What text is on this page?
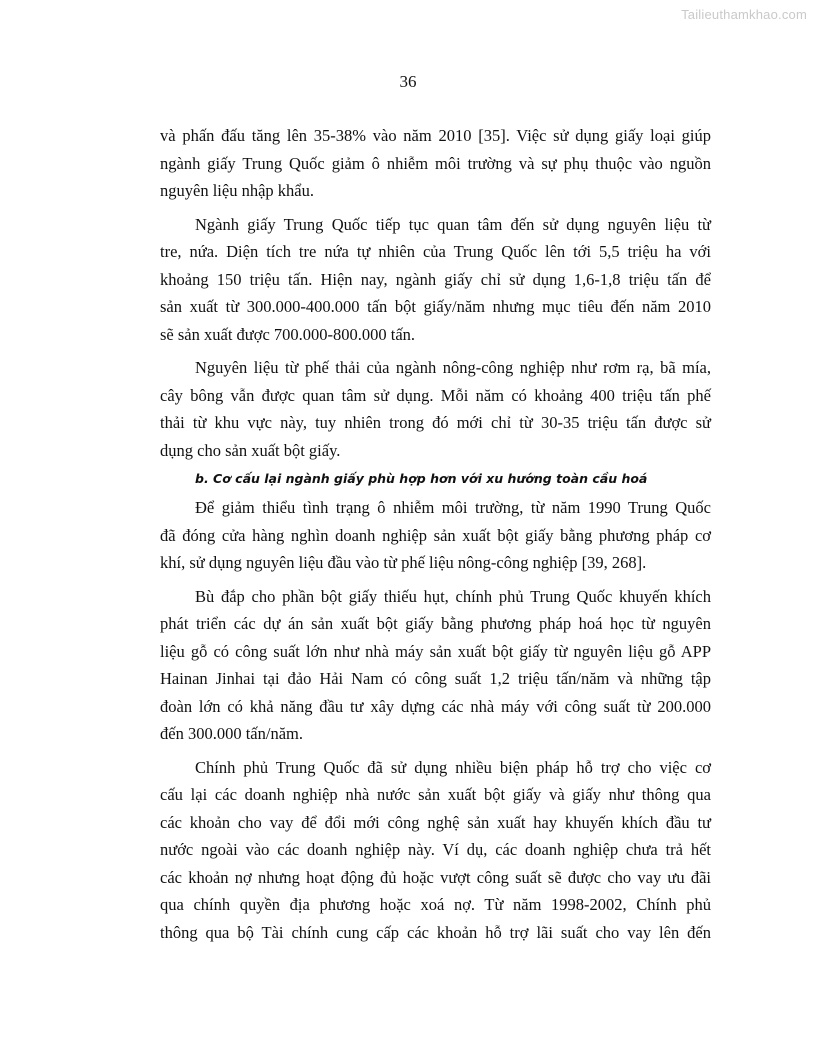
Tailieuthamkhao.com
36

và phấn đấu tăng lên 35-38% vào năm 2010 [35]. Việc sử dụng giấy loại giúp
ngành giấy Trung Quốc giảm ô nhiễm môi trường và sự phụ thuộc vào nguồn
nguyên liệu nhập khẩu.

Ngành giấy Trung Quốc tiếp tục quan tâm đến sử dụng nguyên liệu từ
tre, nứa. Diện tích tre nứa tự nhiên của Trung Quốc lên tới 5,5 triệu ha với
khoảng 150 triệu tấn. Hiện nay, ngành giấy chỉ sử dụng 1,6-1,8 triệu tấn để
sản xuất từ 300.000-400.000 tấn bột giấy/năm nhưng mục tiêu đến năm 2010
sẽ sản xuất được 700.000-800.000 tấn.

Nguyên liệu từ phế thải của ngành nông-công nghiệp như rơm rạ, bã mía,
cây bông vẫn được quan tâm sử dụng. Mỗi năm có khoảng 400 triệu tấn phế
thải từ khu vực này, tuy nhiên trong đó mới chỉ từ 30-35 triệu tấn được sử
dụng cho sản xuất bột giấy.

b. Cơ cấu lại ngành giấy phù hợp hơn với xu hướng toàn cầu hoá

Để giảm thiểu tình trạng ô nhiễm môi trường, từ năm 1990 Trung Quốc
đã đóng cửa hàng nghìn doanh nghiệp sản xuất bột giấy bằng phương pháp cơ
khí, sử dụng nguyên liệu đầu vào từ phế liệu nông-công nghiệp [39, 268].

Bù đắp cho phần bột giấy thiếu hụt, chính phủ Trung Quốc khuyến khích
phát triển các dự án sản xuất bột giấy bằng phương pháp hoá học từ nguyên
liệu gỗ có công suất lớn như nhà máy sản xuất bột giấy từ nguyên liệu gỗ APP
Hainan Jinhai tại đảo Hải Nam có công suất 1,2 triệu tấn/năm và những tập
đoàn lớn có khả năng đầu tư xây dựng các nhà máy với công suất từ 200.000
đến 300.000 tấn/năm.

Chính phủ Trung Quốc đã sử dụng nhiều biện pháp hỗ trợ cho việc cơ
cấu lại các doanh nghiệp nhà nước sản xuất bột giấy và giấy như thông qua
các khoản cho vay để đổi mới công nghệ sản xuất hay khuyến khích đầu tư
nước ngoài vào các doanh nghiệp này. Ví dụ, các doanh nghiệp chưa trả hết
các khoản nợ nhưng hoạt động đủ hoặc vượt công suất sẽ được cho vay ưu đãi
qua chính quyền địa phương hoặc xoá nợ. Từ năm 1998-2002, Chính phủ
thông qua bộ Tài chính cung cấp các khoản hỗ trợ lãi suất cho vay lên đến
